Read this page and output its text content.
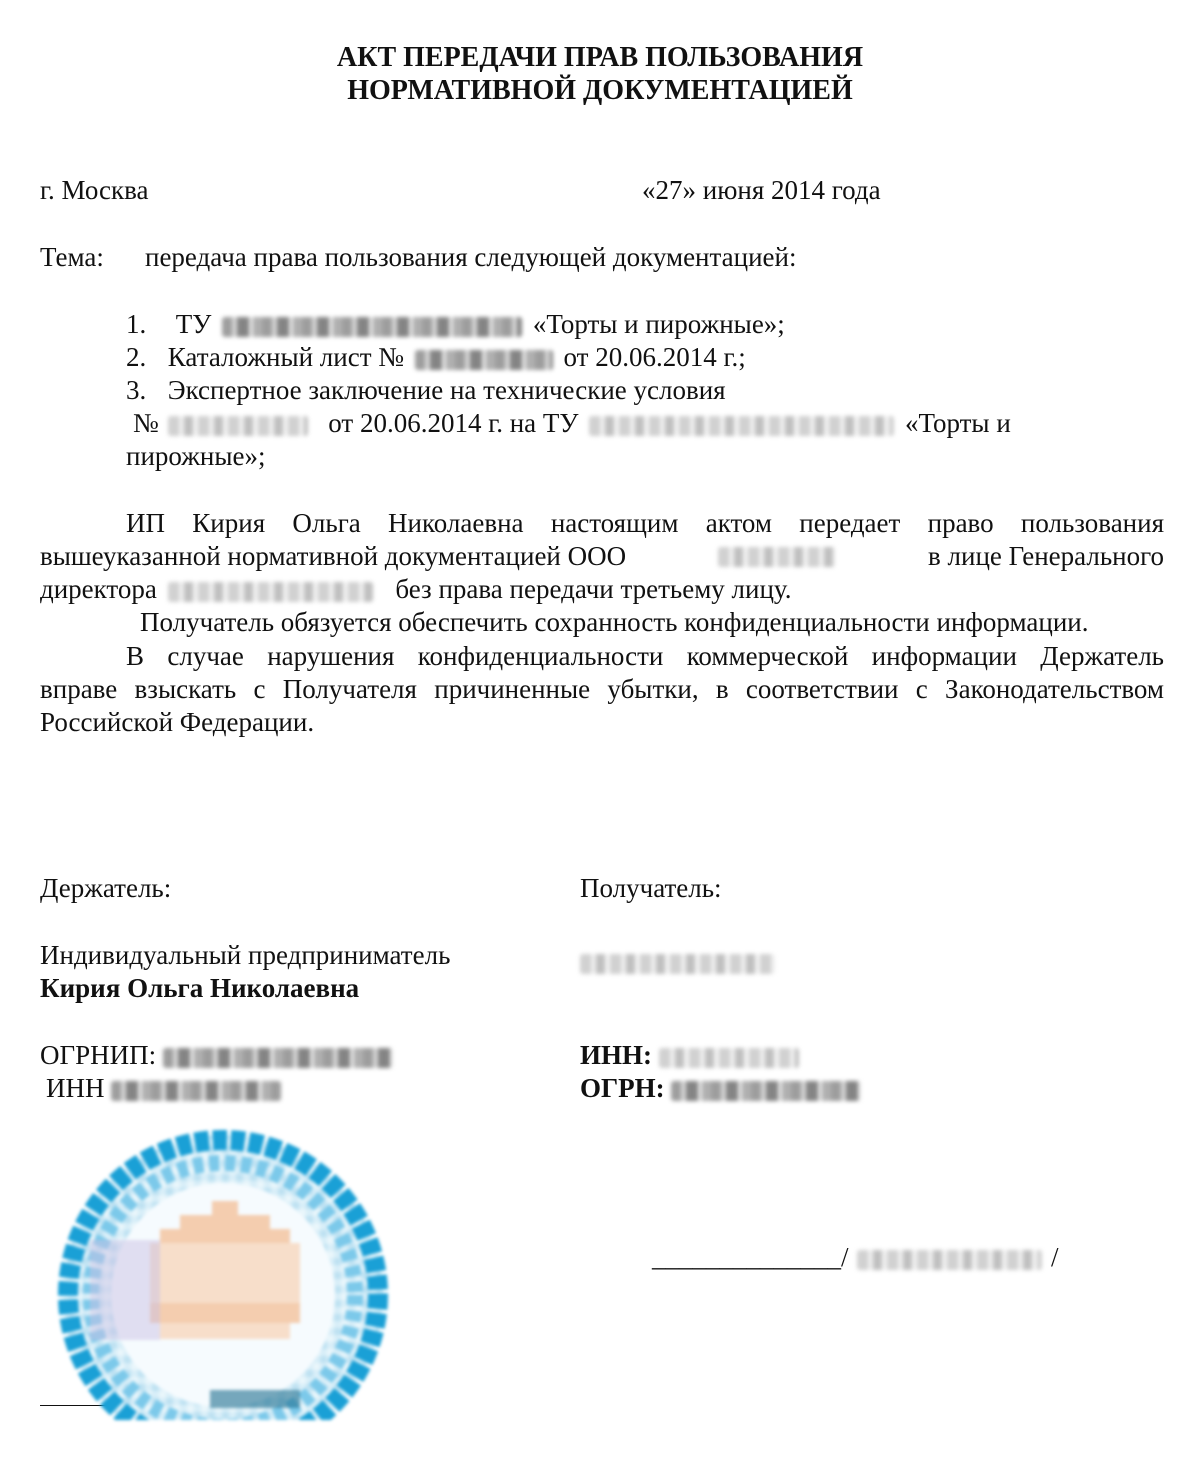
АКТ ПЕРЕДАЧИ ПРАВ ПОЛЬЗОВАНИЯ
НОРМАТИВНОЙ ДОКУМЕНТАЦИЕЙ
г. Москва	«27» июня 2014 года
Тема: передача права пользования следующей документацией:
1. ТУ	«Торты и пирожные»;
2. Каталожный лист №	от 20.06.2014 г.;
3. Экспертное заключение на технические условия
№	от 20.06.2014 г. на ТУ	«Торты и
пирожные»;
ИП Кирия Ольга Николаевна настоящим актом передает право пользования
вышеуказанной нормативной документацией ООО	в лице Генерального
директора	без права передачи третьему лицу.
Получатель обязуется обеспечить сохранность конфиденциальности информации.
В случае нарушения конфиденциальности коммерческой информации Держатель
вправе взыскать с Получателя причиненные убытки, в соответствии с Законодательством
Российской Федерации.
Держатель:
Индивидуальный предприниматель
Кирия Ольга Николаевна
ОГРНИП:
ИНН
Получатель:
ИНН:
ОГРН:
______________/	/
